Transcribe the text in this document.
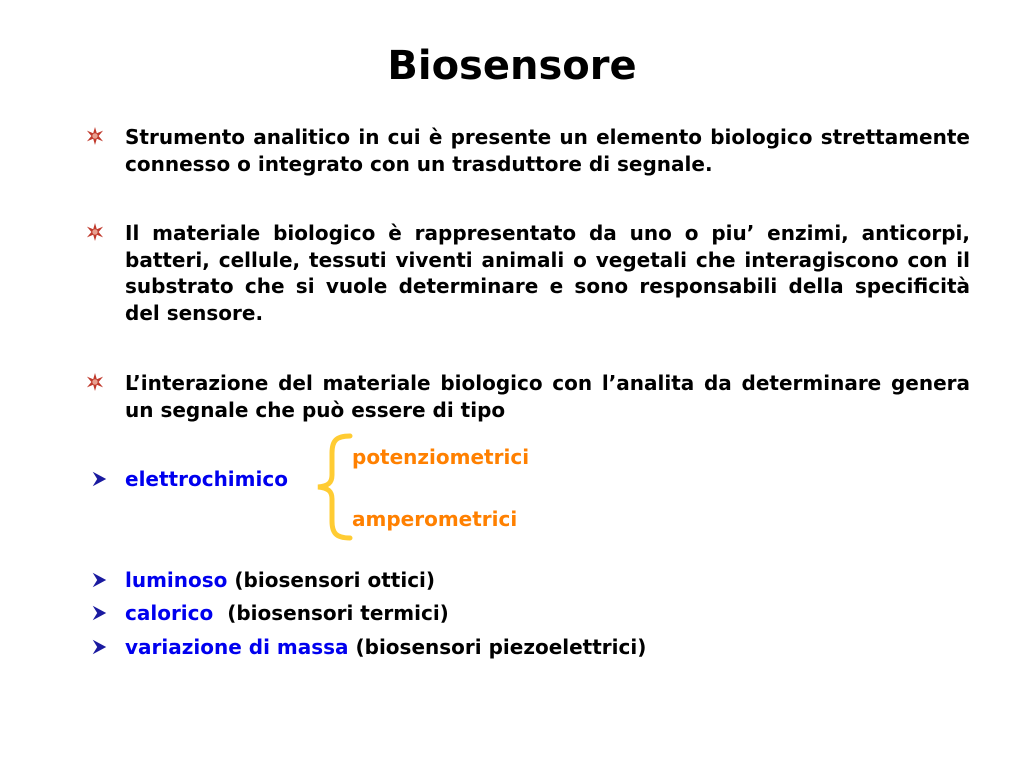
Biosensore
Strumento analitico in cui è presente un elemento biologico strettamente connesso o integrato con un trasduttore di segnale.
Il materiale biologico è rappresentato da uno o piu’ enzimi, anticorpi, batteri, cellule, tessuti viventi animali o vegetali che interagiscono con il substrato che si vuole determinare e sono responsabili della specificità del sensore.
L’interazione del materiale biologico con l’analita da determinare genera un segnale che può essere di tipo
elettrochimico
potenziometrici
amperometrici
luminoso (biosensori ottici)
calorico  (biosensori termici)
variazione di massa (biosensori piezoelettrici)
